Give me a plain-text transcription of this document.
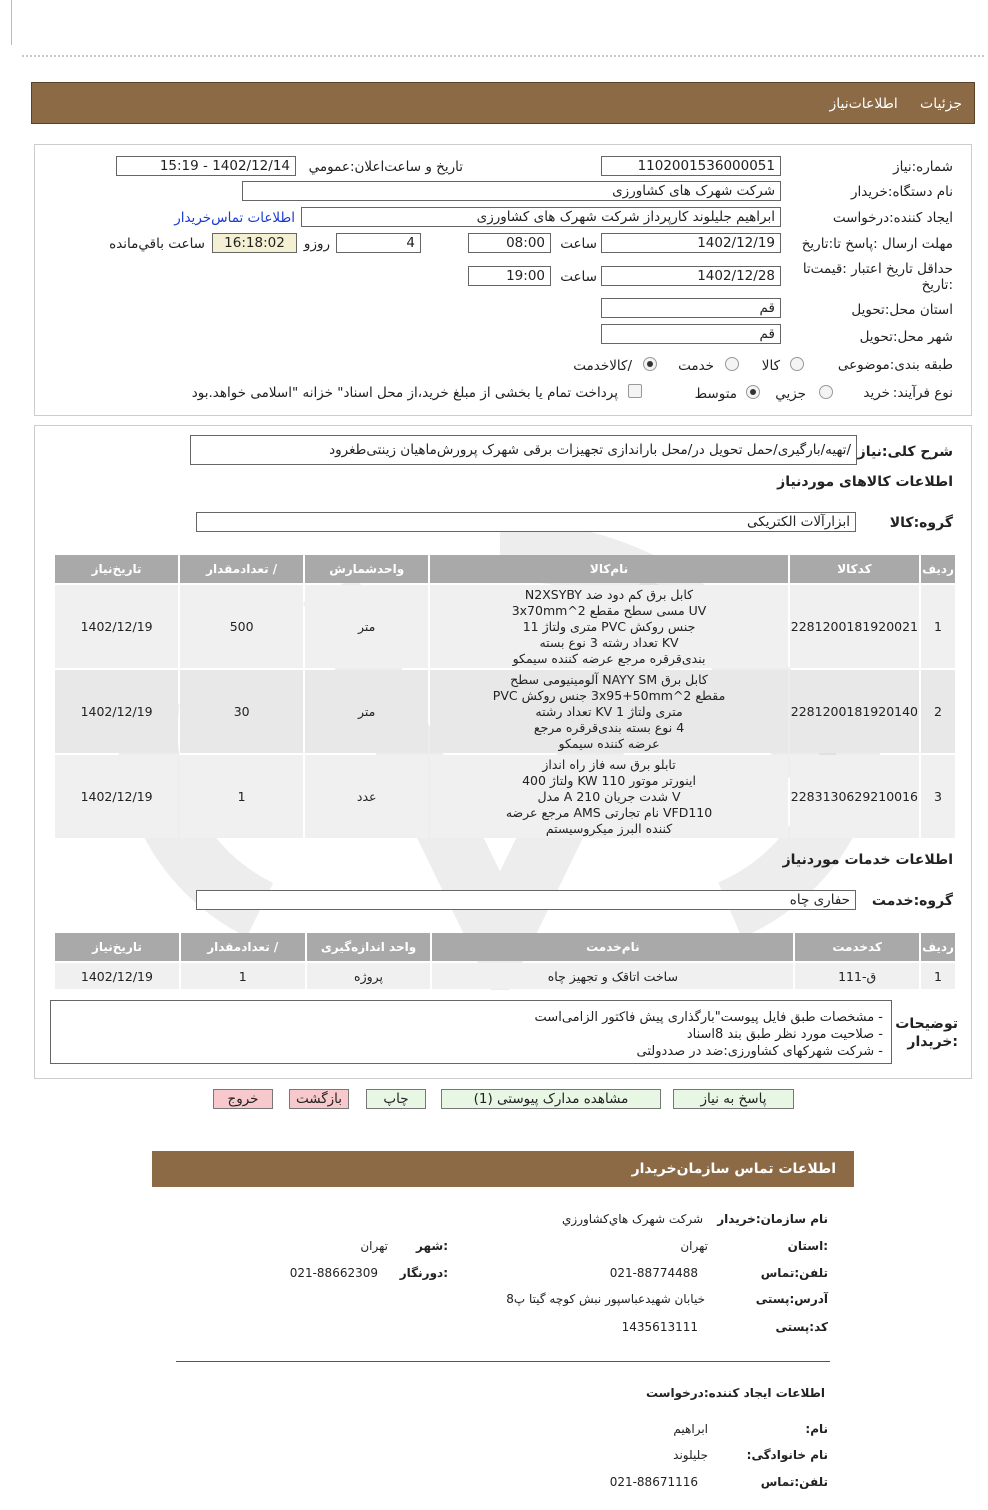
جزئیات     اطلاعات‌نیاز
شماره:نیاز
1102001536000051
تاریخ و ساعت‌اعلان:عمومي
1402/12/14 - 15:19
نام دستگاه:خريدار
شرکت شهرک های کشاورزی
ایجاد کننده:درخواست
ابراهیم جلیلوند کارپرداز شرکت شهرک های کشاورزی
اطلاعات تماس‌خریدار
مهلت ارسال :پاسخ تا:تاریخ
1402/12/19
ساعت
08:00
4
روزو
16:18:02
ساعت باقي‌مانده
حداقل تاریخ اعتبار :قیمت‌تا
:تاریخ
1402/12/28
ساعت
19:00
استان محل:تحویل
قم
شهر محل:تحویل
قم
طبقه بندی:موضوعی
کالا
خدمت
/کالاخدمت
نوع فرآیند:
خرید
جزيي
متوسط
پرداخت تمام یا بخشی از مبلغ خرید،از محل اسناد" خزانه "اسلامی خواهد.بود
شرح کلی:نیاز
/تهیه/بارگیری/حمل تحویل در/محل باراندازی تجهیزات برقی شهرک پرورش‌ماهیان زینتی‌طغرود
اطلاعات کالاهای مورد‌نیاز
گروه:کالا
ابزارآلات الکتریکی
ردیف	کدکالا	نام‌کالا	واحدشمارش	/ تعدادمقدار	تاریخ‌نیاز
1	2281200181920021	کابل برق کم دود ضد N2XSYBY
UV مسی سطح مقطع 2^3x70mm
جنس روکش PVC متری ولتاژ 11
KV تعداد رشته 3 نوع بسته
بندی‌قرقره مرجع عرضه کننده سیمکو	متر	500	1402/12/19
2	2281200181920140	کابل برق NAYY SM آلومینیومی سطح
مقطع 2^3x95+50mm جنس روکش PVC
متری ولتاژ 1 KV تعداد رشته
4 نوع بسته بندی‌قرقره مرجع
عرضه کننده سیمکو	متر	30	1402/12/19
3	2283130629210016	تابلو برق سه فاز راه انداز
اینورتر موتور 110 KW ولتاژ 400
V شدت جریان 210 A مدل
VFD110 نام تجارتی AMS مرجع عرضه
کننده البرز میکروسیستم	عدد	1	1402/12/19
اطلاعات خدمات مورد‌نیاز
گروه:خدمت
حفاری چاه
ردیف	کدخدمت	نام‌خدمت	واحد اندازه‌گیری	/ تعدادمقدار	تاریخ‌نیاز
1	ق-111	ساخت اتاقک و تجهیز چاه	پروژه	1	1402/12/19
توضیحات
:خریدار
- مشخصات طبق فایل پیوست"بارگذاری پیش فاکتور الزامی‌است
- صلاحیت مورد نظر طبق بند 8اسناد
- شرکت شهرکهای کشاورزی:ضد در صددولتی
پاسخ به نیاز
مشاهده مدارک پیوستی (1)
چاپ
بازگشت
خروج
اطلاعات تماس سازمان‌خریدار
نام سازمان:خریدار
شرکت شهرک هاي‌کشاورزي
:استان
تهران
:شهر
تهران
تلفن:تماس
021-88774488
:دورنگار
021-88662309
آدرس:پستی
خیابان شهیدعباسپور نبش کوچه گیتا پ8
کد:پستی
1435613111
اطلاعات ایجاد کننده:درخواست
نام:
ابراهیم
نام خانوادگی:
جلیلوند
تلفن:تماس
021-88671116
